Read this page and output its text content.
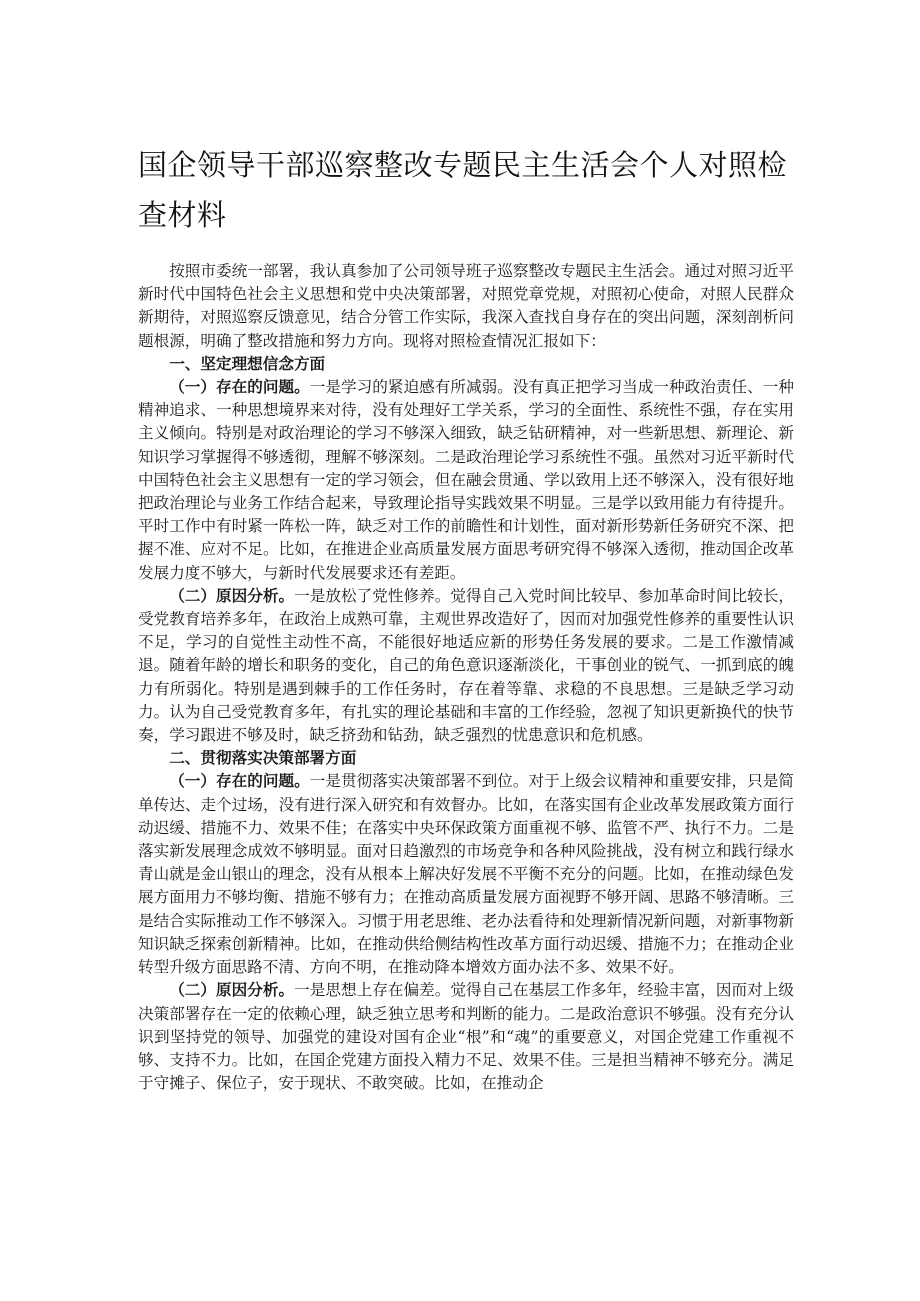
国企领导干部巡察整改专题民主生活会个人对照检查材料

按照市委统一部署，我认真参加了公司领导班子巡察整改专题民主生活会。通过对照习近平新时代中国特色社会主义思想和党中央决策部署，对照党章党规，对照初心使命，对照人民群众新期待，对照巡察反馈意见，结合分管工作实际，我深入查找自身存在的突出问题，深刻剖析问题根源，明确了整改措施和努力方向。现将对照检查情况汇报如下：

一、坚定理想信念方面

（一）存在的问题。一是学习的紧迫感有所减弱。没有真正把学习当成一种政治责任、一种精神追求、一种思想境界来对待，没有处理好工学关系，学习的全面性、系统性不强，存在实用主义倾向。特别是对政治理论的学习不够深入细致，缺乏钻研精神，对一些新思想、新理论、新知识学习掌握得不够透彻，理解不够深刻。二是政治理论学习系统性不强。虽然对习近平新时代中国特色社会主义思想有一定的学习领会，但在融会贯通、学以致用上还不够深入，没有很好地把政治理论与业务工作结合起来，导致理论指导实践效果不明显。三是学以致用能力有待提升。平时工作中有时紧一阵松一阵，缺乏对工作的前瞻性和计划性，面对新形势新任务研究不深、把握不准、应对不足。比如，在推进企业高质量发展方面思考研究得不够深入透彻，推动国企改革发展力度不够大，与新时代发展要求还有差距。

（二）原因分析。一是放松了党性修养。觉得自己入党时间比较早、参加革命时间比较长，受党教育培养多年，在政治上成熟可靠，主观世界改造好了，因而对加强党性修养的重要性认识不足，学习的自觉性主动性不高，不能很好地适应新的形势任务发展的要求。二是工作激情减退。随着年龄的增长和职务的变化，自己的角色意识逐渐淡化，干事创业的锐气、一抓到底的魄力有所弱化。特别是遇到棘手的工作任务时，存在着等靠、求稳的不良思想。三是缺乏学习动力。认为自己受党教育多年，有扎实的理论基础和丰富的工作经验，忽视了知识更新换代的快节奏，学习跟进不够及时，缺乏挤劲和钻劲，缺乏强烈的忧患意识和危机感。

二、贯彻落实决策部署方面

（一）存在的问题。一是贯彻落实决策部署不到位。对于上级会议精神和重要安排，只是简单传达、走个过场，没有进行深入研究和有效督办。比如，在落实国有企业改革发展政策方面行动迟缓、措施不力、效果不佳；在落实中央环保政策方面重视不够、监管不严、执行不力。二是落实新发展理念成效不够明显。面对日趋激烈的市场竞争和各种风险挑战，没有树立和践行绿水青山就是金山银山的理念，没有从根本上解决好发展不平衡不充分的问题。比如，在推动绿色发展方面用力不够均衡、措施不够有力；在推动高质量发展方面视野不够开阔、思路不够清晰。三是结合实际推动工作不够深入。习惯于用老思维、老办法看待和处理新情况新问题，对新事物新知识缺乏探索创新精神。比如，在推动供给侧结构性改革方面行动迟缓、措施不力；在推动企业转型升级方面思路不清、方向不明，在推动降本增效方面办法不多、效果不好。

（二）原因分析。一是思想上存在偏差。觉得自己在基层工作多年，经验丰富，因而对上级决策部署存在一定的依赖心理，缺乏独立思考和判断的能力。二是政治意识不够强。没有充分认识到坚持党的领导、加强党的建设对国有企业“根”和“魂”的重要意义，对国企党建工作重视不够、支持不力。比如，在国企党建方面投入精力不足、效果不佳。三是担当精神不够充分。满足于守摊子、保位子，安于现状、不敢突破。比如，在推动企
